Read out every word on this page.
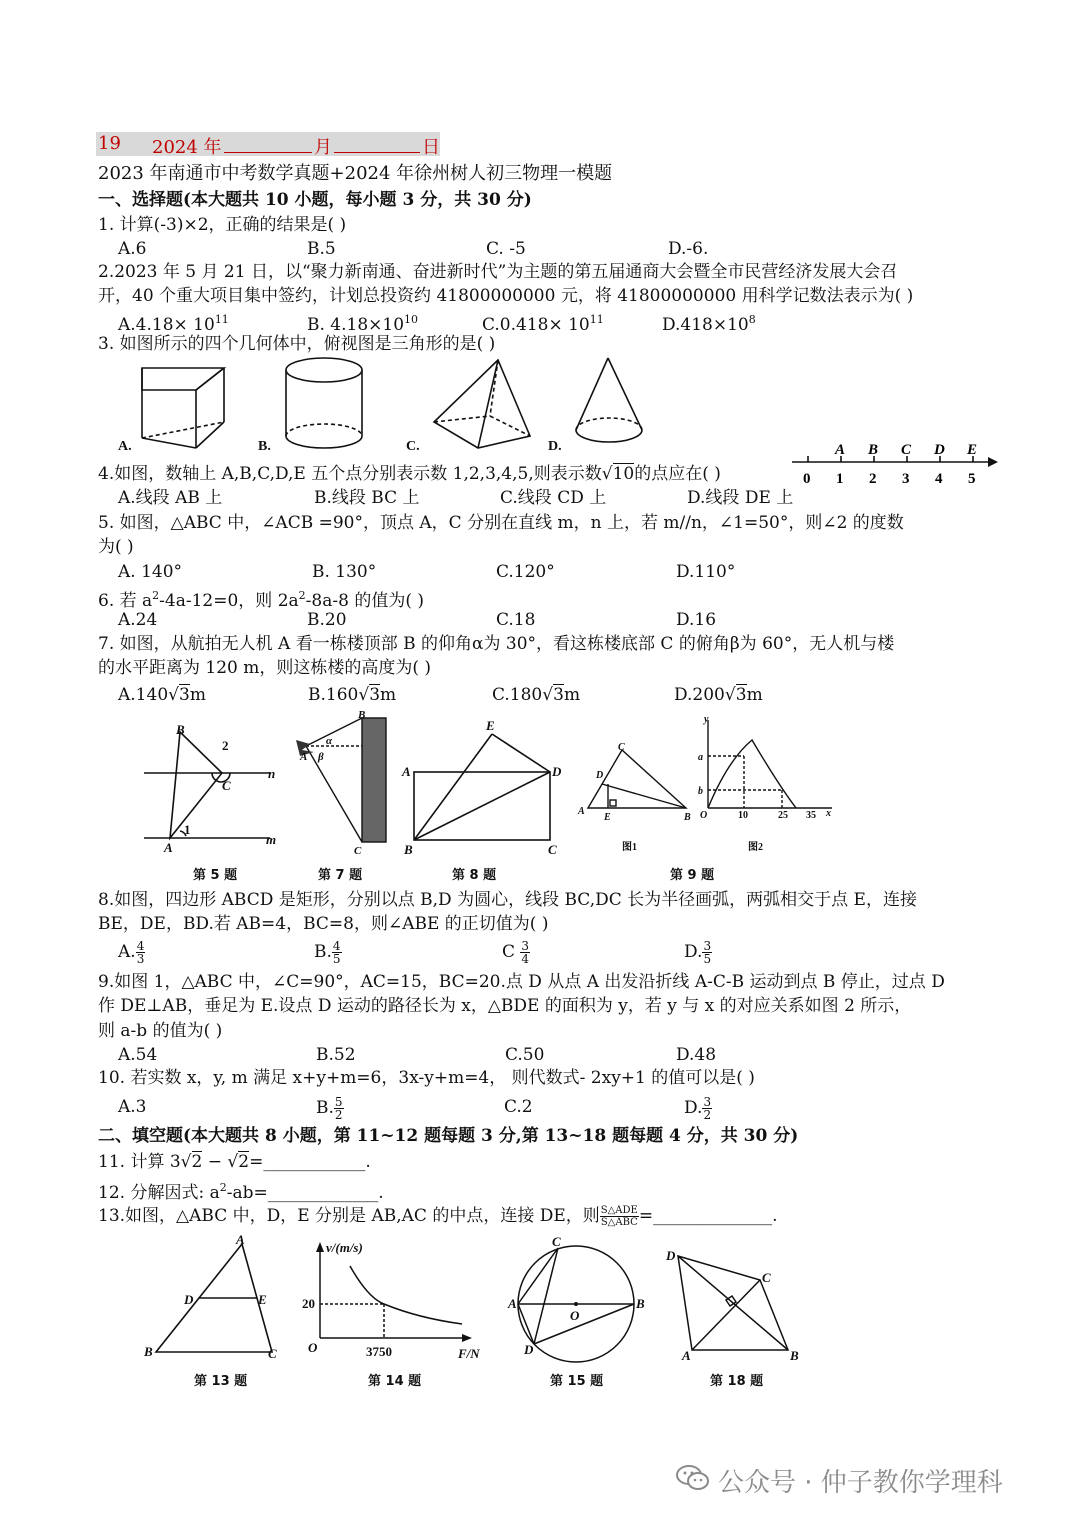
19 2024 年	月	日
2023 年南通市中考数学真题+2024 年徐州树人初三物理一模题
一、选择题(本大题共 10 小题，每小题 3 分，共 30 分)
1. 计算(-3)×2，正确的结果是( )
A.6	B.5	C. -5	D.-6.
2.2023 年 5 月 21 日，以“聚力新南通、奋进新时代”为主题的第五届通商大会暨全市民营经济发展大会召
开，40 个重大项目集中签约，计划总投资约 41800000000 元，将 41800000000 用科学记数法表示为( )
$A.4.18\times 10^{11}$	B. $4.18\times 10^{10}$	$C.0.418\times 10^{11}$	$D.418\times 10^8$
3. 如图所示的四个几何体中，俯视图是三角形的是( )
A.	B.	C.	D.
4.如图，数轴上 A,B,C,D,E 五个点分别表示数 1,2,3,4,5,则表示数√10的点应在( )	0 1
A
2
B
3
C
4
D
5
E
A.线段 AB 上	B.线段 BC 上	C.线段 CD 上	D.线段 DE 上
5. 如图，△ABC 中，∠ACB =90°，顶点 A，C 分别在直线 m，n 上，若 m//n，∠1=50°，则∠2 的度数
为( )
A. 140°	B. 130°	C.120°	D.110°
6. 若 $a^2-4a-12=0$，则 $2a^2-8a-8$ 的值为( )
A.24	B.20	C.18	D.16
7. 如图，从航拍无人机 A 看一栋楼顶部 B 的仰角α为 30°，看这栋楼底部 C 的俯角β为 60°，无人机与楼
的水平距离为 120 m，则这栋楼的高度为( )
A.140√3m	B.160√3m	C.180√3m	D.200√3m
B
C
A
2
1
n
m
B
A
C
α
β
E
A	D
B	C
C
D
A
E	B
图1
y
a
b
O	10	25 35 x
图2
第 5 题	第 7 题	第 8 题	第 9 题
8.如图，四边形 ABCD 是矩形，分别以点 B,D 为圆心，线段 BC,DC 长为半径画弧，两弧相交于点 E，连接
BE，DE，BD.若 AB=4，BC=8，则∠ABE 的正切值为( )
A. $\frac{4}{3}$	B. $\frac{4}{5}$	C $\frac{3}{4}$	D. $\frac{3}{5}$
9.如图 1，△ABC 中，∠C=90°，AC=15，BC=20.点 D 从点 A 出发沿折线 A-C-B 运动到点 B 停止，过点 D
作 DE⊥AB，垂足为 E.设点 D 运动的路径长为 x，△BDE 的面积为 y，若 y 与 x 的对应关系如图 2 所示，
则 a-b 的值为( )
A.54	B.52	C.50	D.48
10. 若实数 x，y, m 满足 x+y+m=6，3x-y+m=4， 则代数式- 2xy+1 的值可以是( )
A.3	B. $\frac{5}{2}$	C.2	D. $\frac{3}{2}$
二、填空题(本大题共 8 小题，第 11~12 题每题 3 分,第 13~18 题每题 4 分，共 30 分)
11. 计算 3√2 − √2=____________.
12. 分解因式: $a^2-ab=\_\_\_\_\_\_\_\_\_\_\_\_\_$.
13.如图，△ABC 中，D，E 分别是 AB,AC 的中点，连接 DE，则 $\frac{\text{S△ADE}}{\text{S△ABC}}$ =______________.
A
D	E
B	C
v/(m/s)
20
O	3750	F/N
C
A	B
O
D
D
C
A	B
第 13 题	第 14 题	第 15 题	第 18 题
公众号 · 仲子教你学理科
